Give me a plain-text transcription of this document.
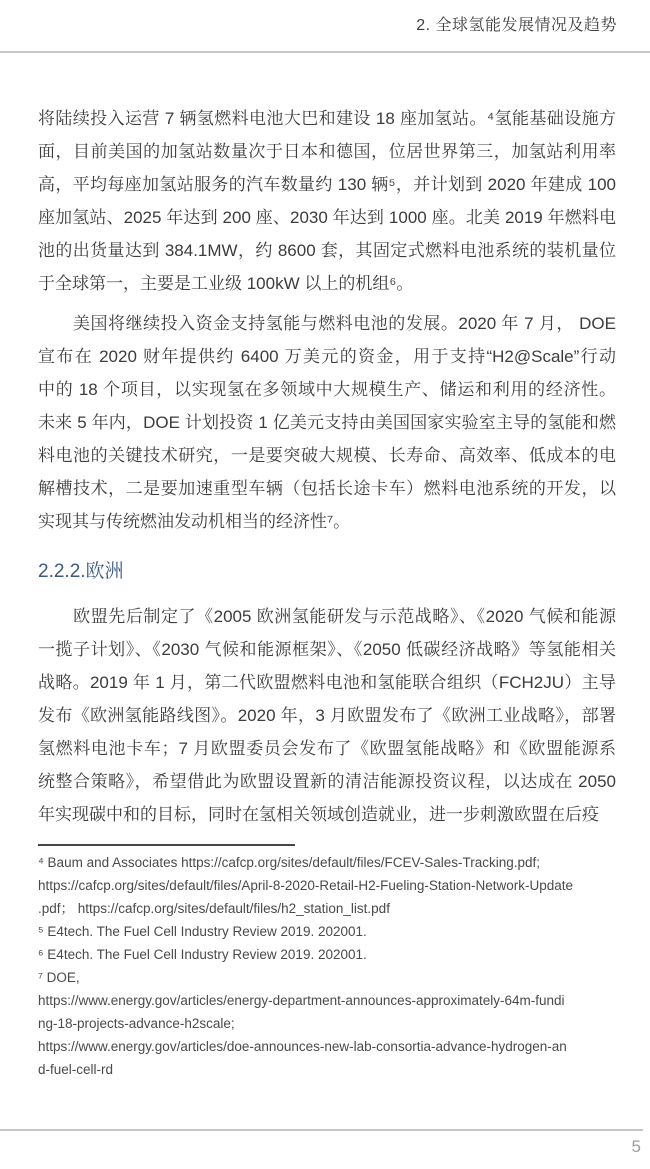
2. 全球氢能发展情况及趋势
将陆续投入运营 7 辆氢燃料电池大巴和建设 18 座加氢站。⁴氢能基础设施方
面，目前美国的加氢站数量次于日本和德国，位居世界第三，加氢站利用率
高，平均每座加氢站服务的汽车数量约 130 辆⁵，并计划到 2020 年建成 100
座加氢站、2025 年达到 200 座、2030 年达到 1000 座。北美 2019 年燃料电
池的出货量达到 384.1MW，约 8600 套，其固定式燃料电池系统的装机量位
于全球第一，主要是工业级 100kW 以上的机组⁶。
　　美国将继续投入资金支持氢能与燃料电池的发展。2020 年 7 月， DOE
宣布在 2020 财年提供约 6400 万美元的资金，用于支持“H2@Scale”行动
中的 18 个项目，以实现氢在多领域中大规模生产、储运和利用的经济性。
未来 5 年内，DOE 计划投资 1 亿美元支持由美国国家实验室主导的氢能和燃
料电池的关键技术研究，一是要突破大规模、长寿命、高效率、低成本的电
解槽技术，二是要加速重型车辆（包括长途卡车）燃料电池系统的开发，以
实现其与传统燃油发动机相当的经济性⁷。
2.2.2.欧洲
　　欧盟先后制定了《2005 欧洲氢能研发与示范战略》、《2020 气候和能源
一揽子计划》、《2030 气候和能源框架》、《2050 低碳经济战略》等氢能相关
战略。2019 年 1 月，第二代欧盟燃料电池和氢能联合组织（FCH2JU）主导
发布《欧洲氢能路线图》。2020 年，3 月欧盟发布了《欧洲工业战略》，部署
氢燃料电池卡车；7 月欧盟委员会发布了《欧盟氢能战略》和《欧盟能源系
统整合策略》，希望借此为欧盟设置新的清洁能源投资议程，以达成在 2050
年实现碳中和的目标，同时在氢相关领域创造就业，进一步刺激欧盟在后疫
⁴ Baum and Associates https://cafcp.org/sites/default/files/FCEV-Sales-Tracking.pdf;
https://cafcp.org/sites/default/files/April-8-2020-Retail-H2-Fueling-Station-Network-Update
.pdf； https://cafcp.org/sites/default/files/h2_station_list.pdf
⁵ E4tech. The Fuel Cell Industry Review 2019. 202001.
⁶ E4tech. The Fuel Cell Industry Review 2019. 202001.
⁷ DOE,
https://www.energy.gov/articles/energy-department-announces-approximately-64m-fundi
ng-18-projects-advance-h2scale;
https://www.energy.gov/articles/doe-announces-new-lab-consortia-advance-hydrogen-an
d-fuel-cell-rd
5
